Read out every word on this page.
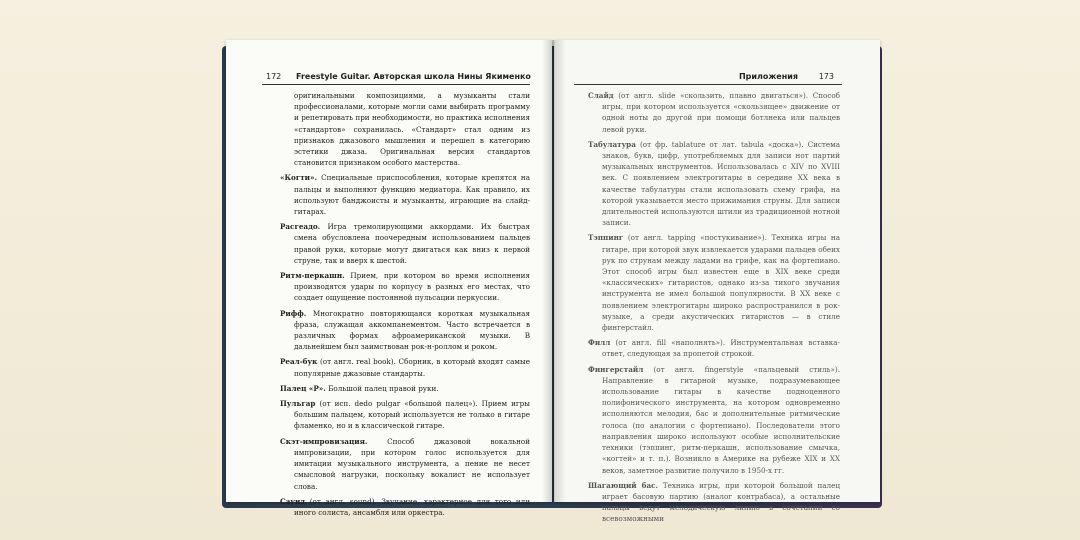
172 Freestyle Guitar. Авторская школа Нины Якименко

оригинальными композициями, а музыканты стали профессионалами, которые могли сами выбирать программу и репетировать при необходимости, но практика исполнения «стандартов» сохранилась. «Стандарт» стал одним из признаков джазового мышления и перешел в категорию эстетики джаза. Оригинальная версия стандартов становится признаком особого мастерства.

«Когти». Специальные приспособления, которые крепятся на пальцы и выполняют функцию медиатора. Как правило, их используют банджоисты и музыканты, играющие на слайд-гитарах.

Расгеадо. Игра тремолирующими аккордами. Их быстрая смена обусловлена поочередным использованием пальцев правой руки, которые могут двигаться как вниз к первой струне, так и вверх к шестой.

Ритм-перкашн. Прием, при котором во время исполнения производятся удары по корпусу в разных его местах, что создает ощущение постоянной пульсации перкуссии.

Рифф. Многократно повторяющаяся короткая музыкальная фраза, служащая аккомпанементом. Часто встречается в различных формах афроамериканской музыки. В дальнейшем был заимствован рок-н-роллом и роком.

Реал-бук (от англ. real book). Сборник, в который входят самые популярные джазовые стандарты.

Палец «Р». Большой палец правой руки.

Пульгар (от исп. dedo pulgar «большой палец»). Прием игры большим пальцем, который используется не только в гитаре фламенко, но и в классической гитаре.

Скэт-импровизация.	Способ джазовой вокальной импровизации, при котором голос используется для имитации музыкального инструмента, а пение не несет смысловой нагрузки, поскольку вокалист не использует слова.

Саунд (от англ. sound). Звучание, характерное для того или иного солиста, ансамбля или оркестра.

Приложения	173

Слайд (от англ. slide «скользить, плавно двигаться»). Способ игры, при котором используется «скользящее» движение от одной ноты до другой при помощи ботлнека или пальцев левой руки.

Табулатура (от фр. tablature от лат. tabula «доска»). Система знаков, букв, цифр, употребляемых для записи нот партий музыкальных инструментов. Использовалась с XIV по XVIII век. С появлением электрогитары в середине XX века в качестве табулатуры стали использовать схему грифа, на которой указывается место прижимания струны. Для записи длительностей используются штили из традиционной нотной записи.

Тэппинг (от англ. tapping «постукивание»). Техника игры на гитаре, при которой звук извлекается ударами пальцев обеих рук по струнам между ладами на грифе, как на фортепиано. Этот способ игры был известен еще в XIX веке среди «классических» гитаристов, однако из-за тихого звучания инструмента не имел большой популярности. В XX веке с появлением электрогитары широко распространился в рок-музыке, а среди акустических гитаристов — в стиле фингерстайл.

Филл (от англ. fill «наполнять»). Инструментальная вставка-ответ, следующая за пропетой строкой.

Фингерстайл (от англ. fingerstyle «пальцевый стиль»). Направление в гитарной музыке, подразумевающее использование гитары в качестве подноценного полифонического инструмента, на котором одновременно исполняются мелодия, бас и дополнительные ритмические голоса (по аналогии с фортепиано). Последователи этого направления широко используют особые исполнительские техники (тэппинг, ритм-перкашн, использование смычка, «когтей» и т. п.). Возникло в Америке на рубеже XIX и XX веков, заметное развитие получило в 1950-х гг.

Шагающий бас. Техника игры, при которой большой палец играет басовую партию (аналог контрабаса), а остальные пальцы ведут мелодическую линию в сочетании со всевозможными
